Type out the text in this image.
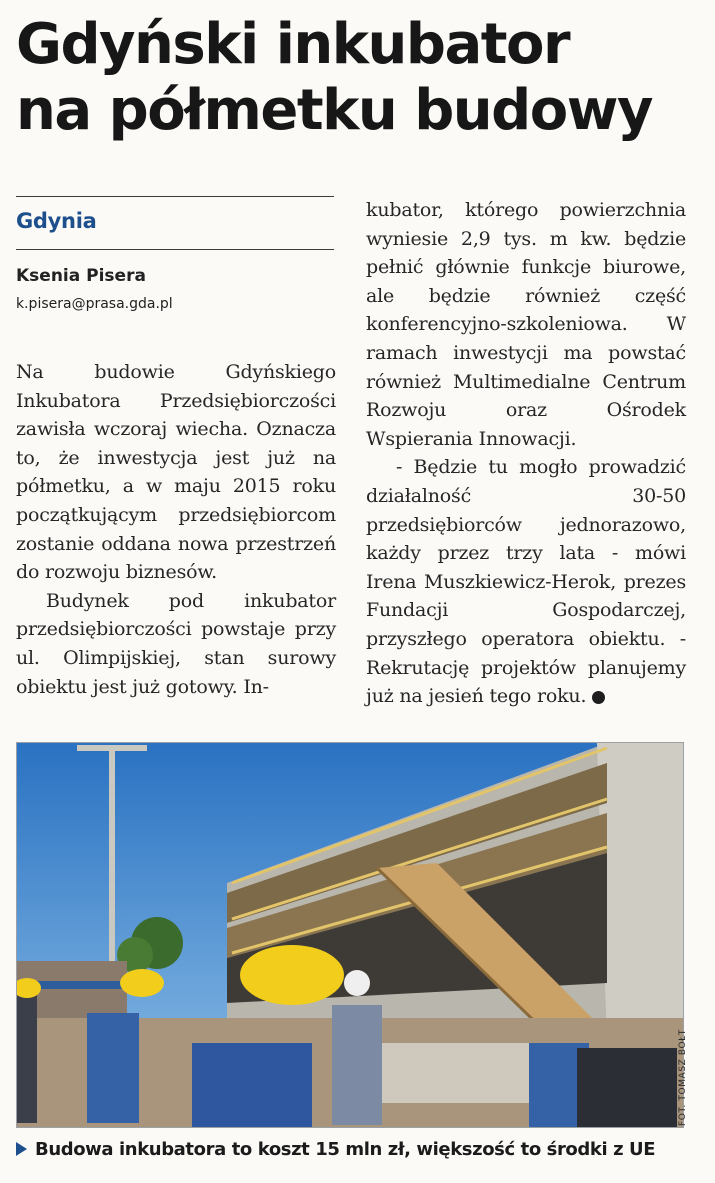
Gdyński inkubator
na półmetku budowy
Gdynia
Ksenia Pisera
k.pisera@prasa.gda.pl

Na budowie Gdyńskiego Inkubatora Przedsiębiorczości zawisła wczoraj wiecha. Oznacza to, że inwestycja jest już na półmetku, a w maju 2015 roku początkującym przedsiębiorcom zostanie oddana nowa przestrzeń do rozwoju biznesów.

Budynek pod inkubator przedsiębiorczości powstaje przy ul. Olimpijskiej, stan surowy obiektu jest już gotowy. In-

kubator, którego powierzchnia wyniesie 2,9 tys. m kw. będzie pełnić głównie funkcje biurowe, ale będzie również część konferencyjno-szkoleniowa. W ramach inwestycji ma powstać również Multimedialne Centrum Rozwoju oraz Ośrodek Wspierania Innowacji.

- Będzie tu mogło prowadzić działalność 30-50 przedsiębiorców jednorazowo, każdy przez trzy lata - mówi Irena Muszkiewicz-Herok, prezes Fundacji Gospodarczej, przyszłego operatora obiektu. - Rekrutację projektów planujemy już na jesień tego roku.

FOT. TOMASZ BOŁT
Budowa inkubatora to koszt 15 mln zł, większość to środki z UE
